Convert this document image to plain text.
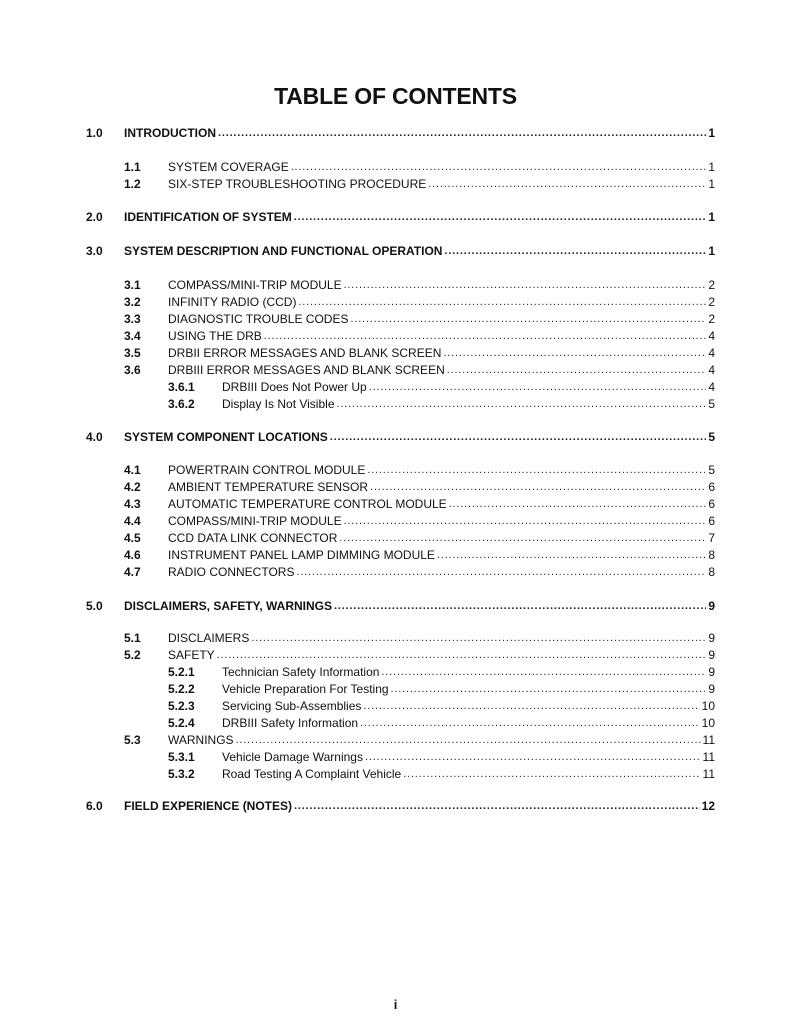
TABLE OF CONTENTS
1.0 INTRODUCTION .....	1
1.1 SYSTEM COVERAGE .....	1
1.2 SIX-STEP TROUBLESHOOTING PROCEDURE .....	1
2.0 IDENTIFICATION OF SYSTEM .....	1
3.0 SYSTEM DESCRIPTION AND FUNCTIONAL OPERATION .....	1
3.1 COMPASS/MINI-TRIP MODULE .....	2
3.2 INFINITY RADIO (CCD) .....	2
3.3 DIAGNOSTIC TROUBLE CODES .....	2
3.4 USING THE DRB .....	4
3.5 DRBII ERROR MESSAGES AND BLANK SCREEN .....	4
3.6 DRBIII ERROR MESSAGES AND BLANK SCREEN .....	4
3.6.1 DRBIII Does Not Power Up .....	4
3.6.2 Display Is Not Visible .....	5
4.0 SYSTEM COMPONENT LOCATIONS .....	5
4.1 POWERTRAIN CONTROL MODULE .....	5
4.2 AMBIENT TEMPERATURE SENSOR .....	6
4.3 AUTOMATIC TEMPERATURE CONTROL MODULE .....	6
4.4 COMPASS/MINI-TRIP MODULE .....	6
4.5 CCD DATA LINK CONNECTOR .....	7
4.6 INSTRUMENT PANEL LAMP DIMMING MODULE .....	8
4.7 RADIO CONNECTORS .....	8
5.0 DISCLAIMERS, SAFETY, WARNINGS .....	9
5.1 DISCLAIMERS .....	9
5.2 SAFETY .....	9
5.2.1 Technician Safety Information .....	9
5.2.2 Vehicle Preparation For Testing .....	9
5.2.3 Servicing Sub-Assemblies .....	10
5.2.4 DRBIII Safety Information .....	10
5.3 WARNINGS .....	11
5.3.1 Vehicle Damage Warnings .....	11
5.3.2 Road Testing A Complaint Vehicle .....	11
6.0 FIELD EXPERIENCE (NOTES) .....	12
i
